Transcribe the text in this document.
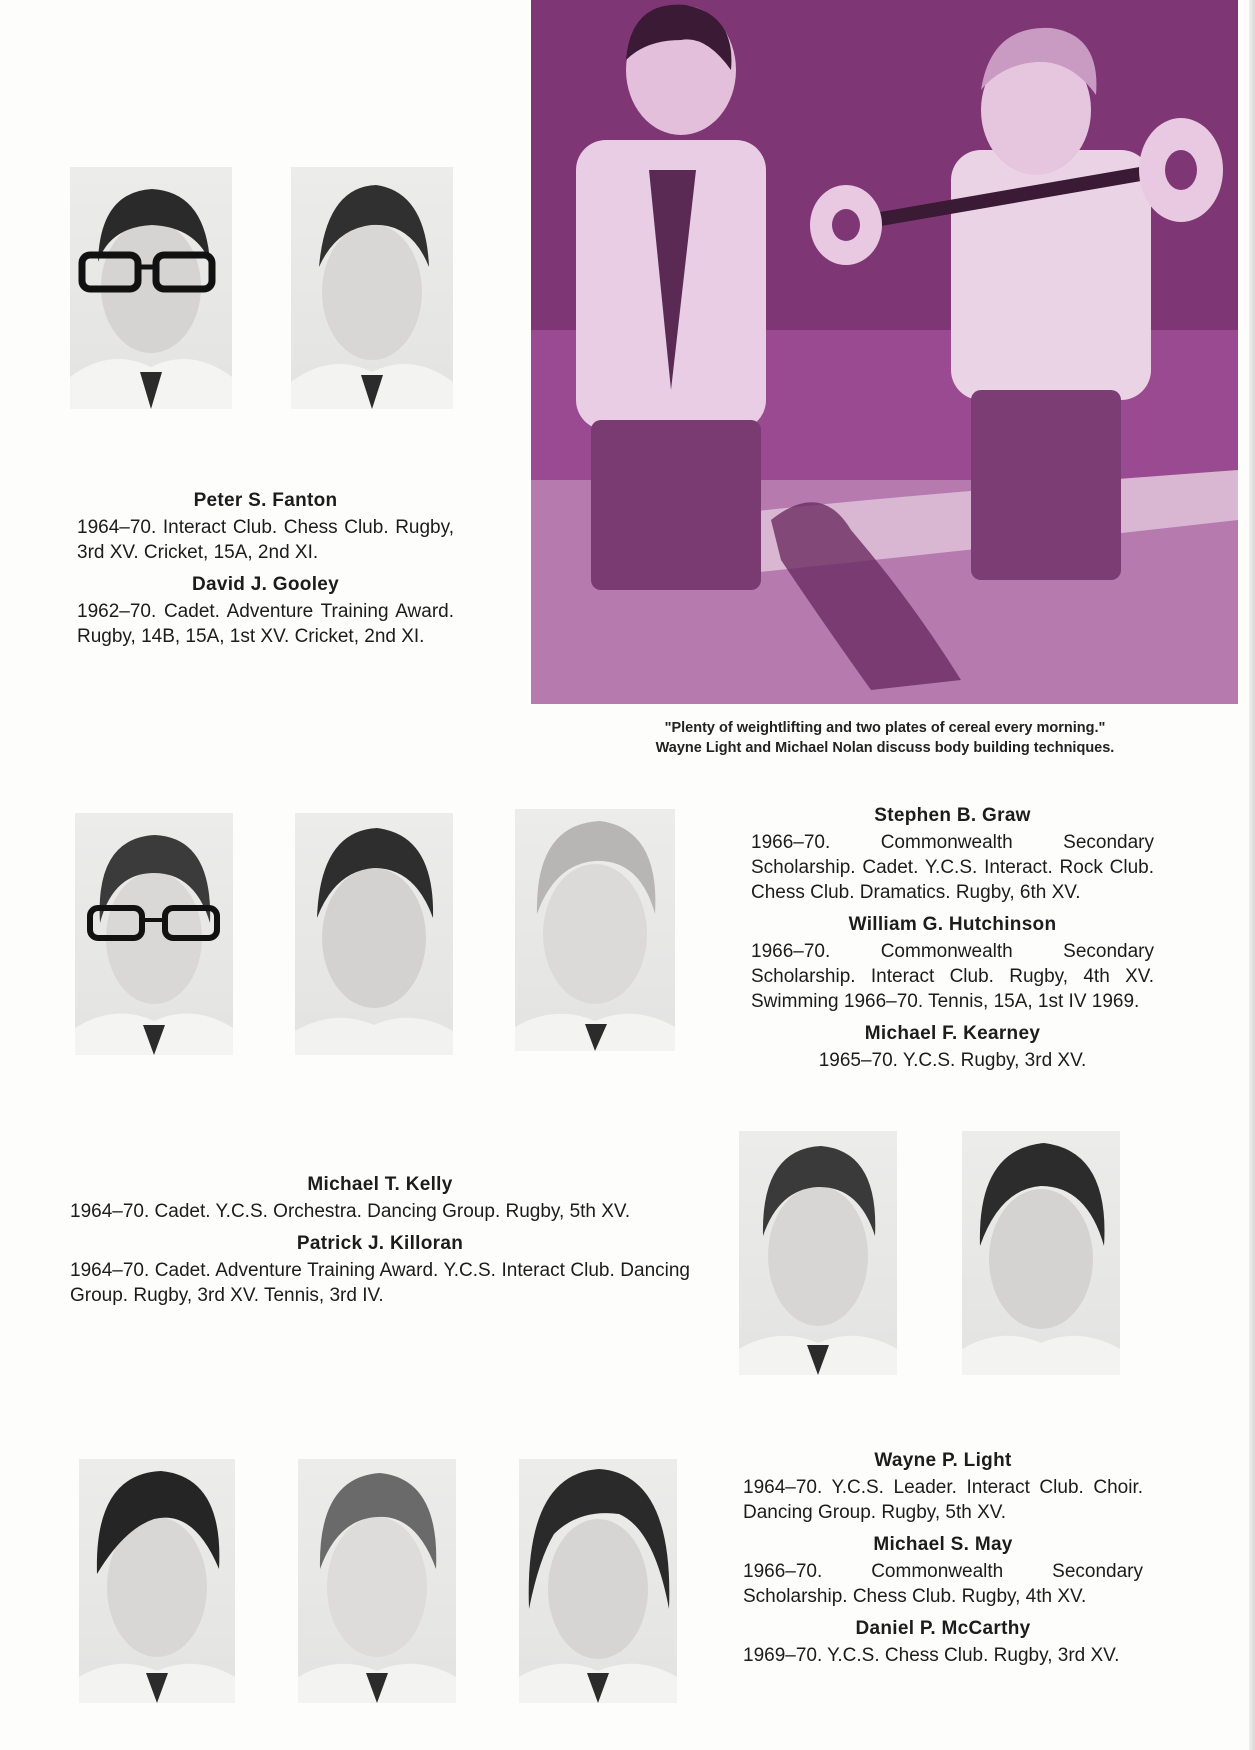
"Plenty of weightlifting and two plates of cereal every morning."
Wayne Light and Michael Nolan discuss body building techniques.
Peter S. Fanton
1964–70. Interact Club. Chess Club. Rugby, 3rd XV. Cricket, 15A, 2nd XI.
David J. Gooley
1962–70. Cadet. Adventure Training Award. Rugby, 14B, 15A, 1st XV. Cricket, 2nd XI.
Stephen B. Graw
1966–70. Commonwealth Secondary Scholarship. Cadet. Y.C.S. Interact. Rock Club. Chess Club. Dramatics. Rugby, 6th XV.
William G. Hutchinson
1966–70. Commonwealth Secondary Scholarship. Interact Club. Rugby, 4th XV. Swimming 1966–70. Tennis, 15A, 1st IV 1969.
Michael F. Kearney
1965–70. Y.C.S. Rugby, 3rd XV.
Michael T. Kelly
1964–70. Cadet. Y.C.S. Orchestra. Dancing Group. Rugby, 5th XV.
Patrick J. Killoran
1964–70. Cadet. Adventure Training Award. Y.C.S. Interact Club. Dancing Group. Rugby, 3rd XV. Tennis, 3rd IV.
Wayne P. Light
1964–70. Y.C.S. Leader. Interact Club. Choir. Dancing Group. Rugby, 5th XV.
Michael S. May
1966–70. Commonwealth Secondary Scholarship. Chess Club. Rugby, 4th XV.
Daniel P. McCarthy
1969–70. Y.C.S. Chess Club. Rugby, 3rd XV.
